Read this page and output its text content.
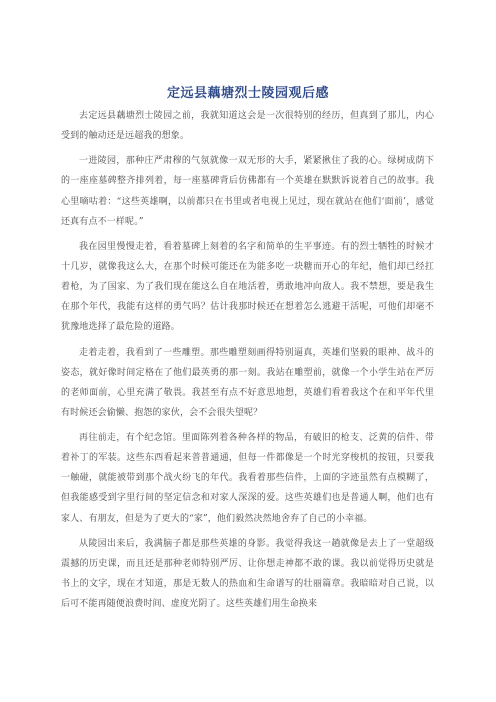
定远县藕塘烈士陵园观后感

去定远县藕塘烈士陵园之前，我就知道这会是一次很特别的经历，但真到了那儿，内心受到的触动还是远超我的想象。

一进陵园，那种庄严肃穆的气氛就像一双无形的大手，紧紧揪住了我的心。绿树成荫下的一座座墓碑整齐排列着，每一座墓碑背后仿佛都有一个英雄在默默诉说着自己的故事。我心里嘀咕着：“这些英雄啊，以前都只在书里或者电视上见过，现在就站在他们‘面前’，感觉还真有点不一样呢。”

我在园里慢慢走着，看着墓碑上刻着的名字和简单的生平事迹。有的烈士牺牲的时候才十几岁，就像我这么大，在那个时候可能还在为能多吃一块糖而开心的年纪，他们却已经扛着枪，为了国家、为了我们现在能这么自在地活着，勇敢地冲向敌人。我不禁想，要是我生在那个年代，我能有这样的勇气吗？估计我那时候还在想着怎么逃避干活呢，可他们却毫不犹豫地选择了最危险的道路。

走着走着，我看到了一些雕塑。那些雕塑刻画得特别逼真，英雄们坚毅的眼神、战斗的姿态，就好像时间定格在了他们最英勇的那一刻。我站在雕塑前，就像一个小学生站在严厉的老师面前，心里充满了敬畏。我甚至有点不好意思地想，英雄们看着我这个在和平年代里有时候还会偷懒、抱怨的家伙，会不会很失望呢？

再往前走，有个纪念馆。里面陈列着各种各样的物品，有破旧的枪支、泛黄的信件、带着补丁的军装。这些东西看起来普普通通，但每一件都像是一个时光穿梭机的按钮，只要我一触碰，就能被带到那个战火纷飞的年代。我看着那些信件，上面的字迹虽然有点模糊了，但我能感受到字里行间的坚定信念和对家人深深的爱。这些英雄们也是普通人啊，他们也有家人、有朋友，但是为了更大的“家”，他们毅然决然地舍弃了自己的小幸福。

从陵园出来后，我满脑子都是那些英雄的身影。我觉得我这一趟就像是去上了一堂超级震撼的历史课，而且还是那种老师特别严厉、让你想走神都不敢的课。我以前觉得历史就是书上的文字，现在才知道，那是无数人的热血和生命谱写的壮丽篇章。我暗暗对自己说，以后可不能再随便浪费时间、虚度光阴了。这些英雄们用生命换来
